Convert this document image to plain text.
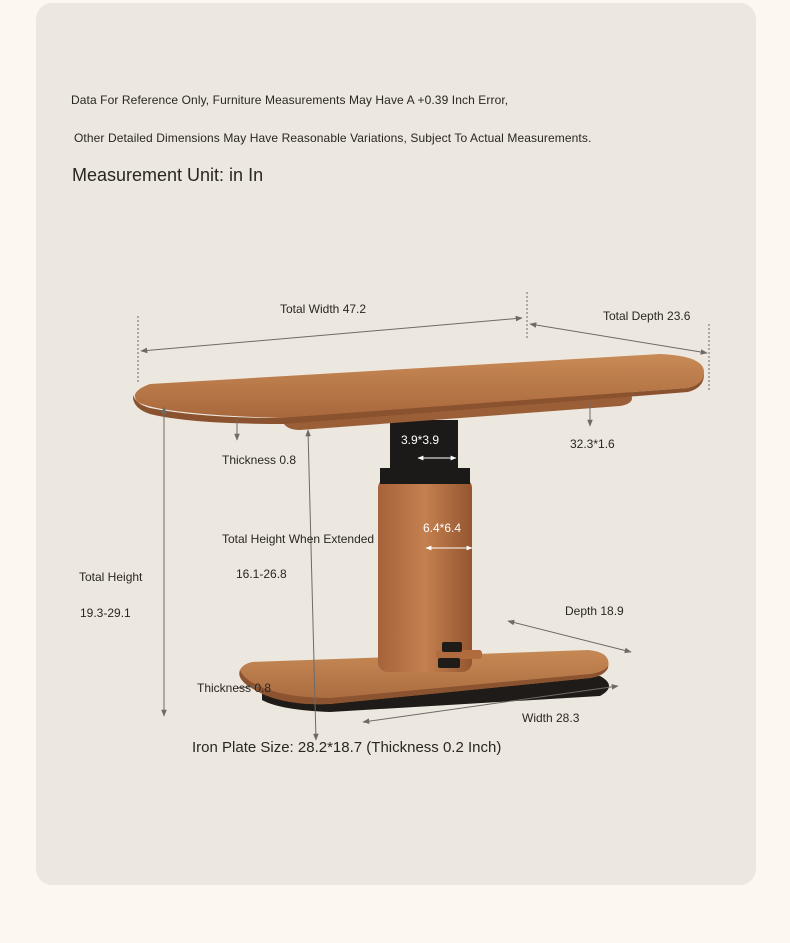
Data For Reference Only, Furniture Measurements May Have A +0.39 Inch Error,
Other Detailed Dimensions May Have Reasonable Variations, Subject To Actual Measurements.
Measurement Unit: in In
Total Width 47.2	Total Depth 23.6
Thickness 0.8
3.9*3.9	32.3*1.6
6.4*6.4
Total Height When Extended
16.1-26.8
Total Height
19.3-29.1	Depth 18.9
Thickness 0.8
Width 28.3
Iron Plate Size: 28.2*18.7 (Thickness 0.2 Inch)
